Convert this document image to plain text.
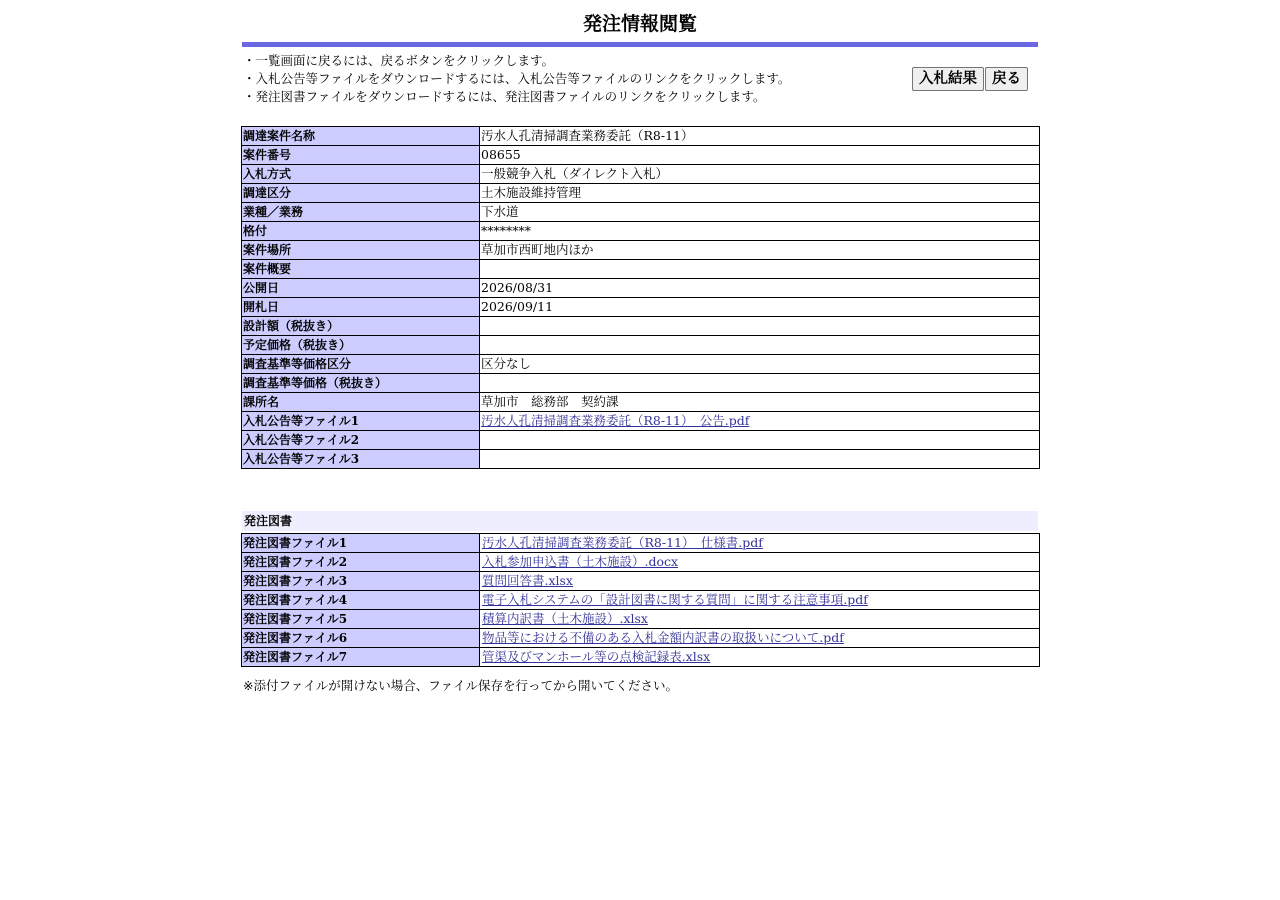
発注情報閲覧
・一覧画面に戻るには、戻るボタンをクリックします。
・入札公告等ファイルをダウンロードするには、入札公告等ファイルのリンクをクリックします。
・発注図書ファイルをダウンロードするには、発注図書ファイルのリンクをクリックします。
入札結果 戻る
調達案件名称	汚水人孔清掃調査業務委託（R8-11）
案件番号	08655
入札方式	一般競争入札（ダイレクト入札）
調達区分	土木施設維持管理
業種／業務	下水道
格付	********
案件場所	草加市西町地内ほか
案件概要	
公開日	2026/08/31
開札日	2026/09/11
設計額（税抜き）	
予定価格（税抜き）	
調査基準等価格区分	区分なし
調査基準等価格（税抜き）	
課所名	草加市　総務部　契約課
入札公告等ファイル1	汚水人孔清掃調査業務委託（R8-11）　公告.pdf
入札公告等ファイル2	
入札公告等ファイル3	
発注図書
発注図書ファイル1	汚水人孔清掃調査業務委託（R8-11）　仕様書.pdf
発注図書ファイル2	入札参加申込書（土木施設）.docx
発注図書ファイル3	質問回答書.xlsx
発注図書ファイル4	電子入札システムの「設計図書に関する質問」に関する注意事項.pdf
発注図書ファイル5	積算内訳書（土木施設）.xlsx
発注図書ファイル6	物品等における不備のある入札金額内訳書の取扱いについて.pdf
発注図書ファイル7	管渠及びマンホール等の点検記録表.xlsx
※添付ファイルが開けない場合、ファイル保存を行ってから開いてください。
